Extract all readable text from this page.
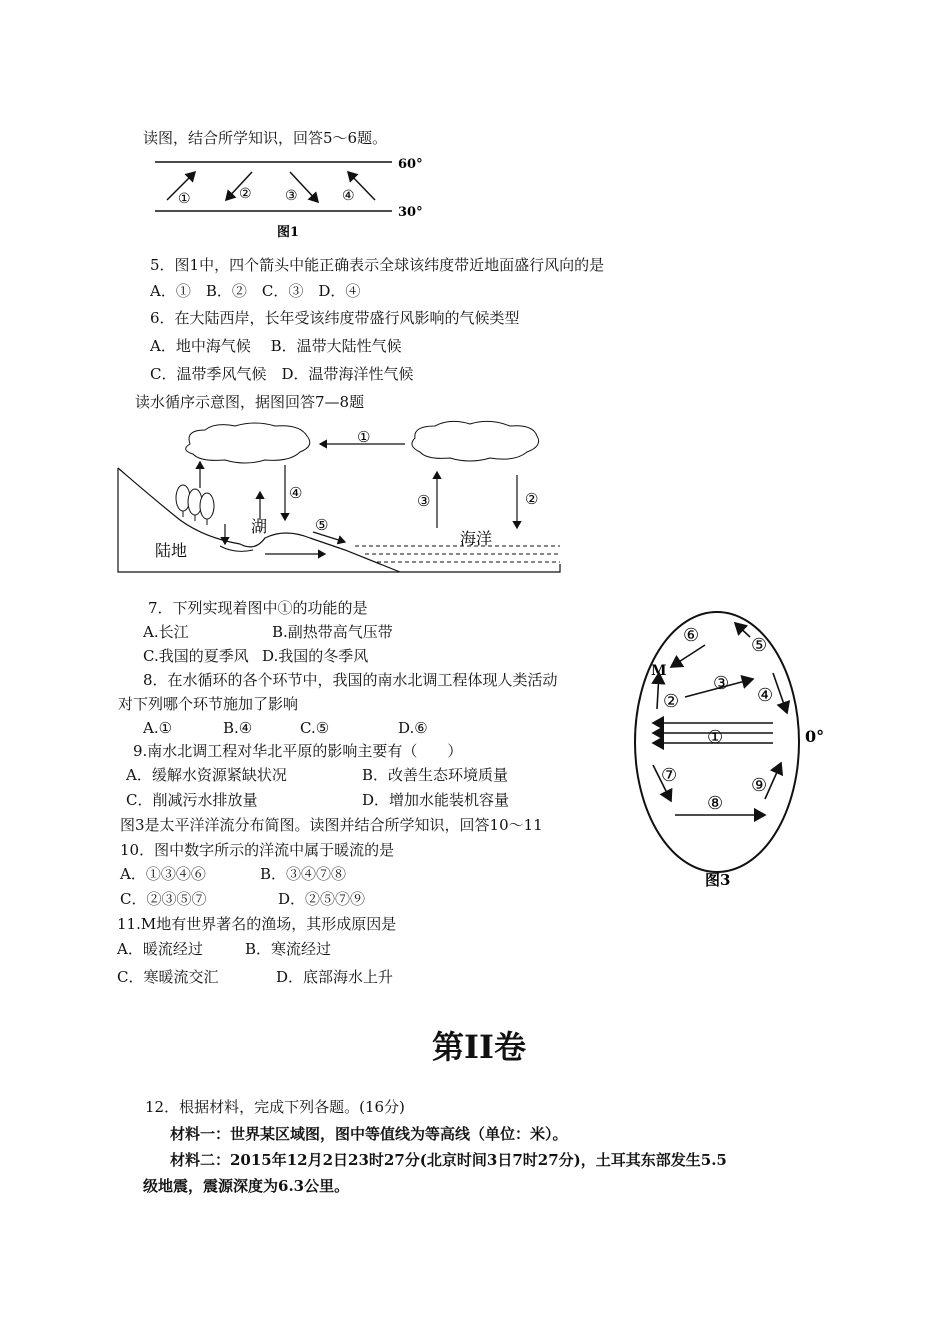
读图，结合所学知识，回答5～6题。
60°
30°
①	② ③	④
图1
5．图1中，四个箭头中能正确表示全球该纬度带近地面盛行风向的是
A．①　B．②　C．③　D．④
6．在大陆西岸，长年受该纬度带盛行风影响的气候类型
A．地中海气候　 B．温带大陆性气候
C．温带季风气候　D．温带海洋性气候
读水循序示意图，据图回答7—8题
①
②
③
④
⑤
湖
陆地
海洋
7．下列实现着图中①的功能的是
A.长江	B.副热带高气压带
C.我国的夏季风 D.我国的冬季风
8．在水循环的各个环节中，我国的南水北调工程体现人类活动
对下列哪个环节施加了影响
A.①	B.④	C.⑤	D.⑥
9.南水北调工程对华北平原的影响主要有（　　）
A．缓解水资源紧缺状况	B．改善生态环境质量
C．削减污水排放量	D．增加水能装机容量
图3是太平洋洋流分布简图。读图并结合所学知识，回答10～11
10．图中数字所示的洋流中属于暖流的是
A．①③④⑥	B．③④⑦⑧
C．②③⑤⑦	D．②⑤⑦⑨
11.M地有世界著名的渔场，其形成原因是
A．暖流经过	B．寒流经过
C．寒暖流交汇	D．底部海水上升
①	0°
⑥	⑤
③
④
②
M
⑦
⑧
⑨
图3
第II卷
12．根据材料，完成下列各题。(16分)
材料一：世界某区域图，图中等值线为等高线（单位：米）。
材料二：2015年12月2日23时27分(北京时间3日7时27分)，土耳其东部发生5.5
级地震，震源深度为6.3公里。
